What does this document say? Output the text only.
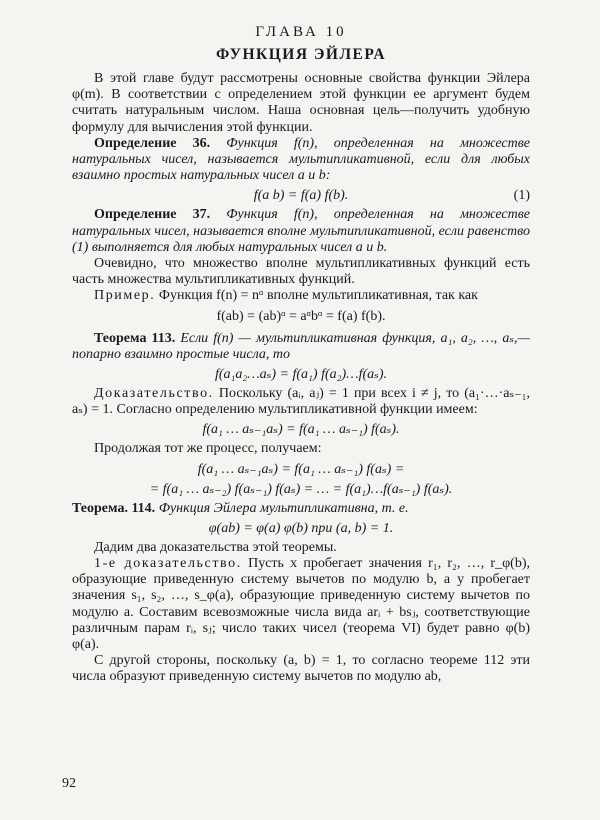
ГЛАВА 10

ФУНКЦИЯ ЭЙЛЕРА

В этой главе будут рассмотрены основные свойства функции Эйлера φ(m). В соответствии с определением этой функции ее аргумент будем считать натуральным числом. Наша основная цель—получить удобную формулу для вычисления этой функции.

Определение 36. Функция f(n), определенная на множестве натуральных чисел, называется мультипликативной, если для любых взаимно простых натуральных чисел a и b:

f(a b) = f(a) f(b).	(1)

Определение 37. Функция f(n), определенная на множестве натуральных чисел, называется вполне мультипликативной, если равенство (1) выполняется для любых натуральных чисел a и b.

Очевидно, что множество вполне мультипликативных функций есть часть множества мультипликативных функций.

Пример. Функция f(n) = nᵅ вполне мультипликативная, так как

f(ab) = (ab)ᵅ = aᵅbᵅ = f(a) f(b).

Теорема 113. Если f(n) — мультипликативная функция, a₁, a₂, …, aₛ,—попарно взаимно простые числа, то

f(a₁a₂…aₛ) = f(a₁) f(a₂)…f(aₛ).

Доказательство. Поскольку (aᵢ, aⱼ) = 1 при всех i ≠ j, то (a₁·…·aₛ₋₁, aₛ) = 1. Согласно определению мультипликативной функции имеем:

f(a₁ … aₛ₋₁aₛ) = f(a₁ … aₛ₋₁) f(aₛ).

Продолжая тот же процесс, получаем:

f(a₁ … aₛ₋₁aₛ) = f(a₁ … aₛ₋₁) f(aₛ) =
= f(a₁ … aₛ₋₂) f(aₛ₋₁) f(aₛ) = … = f(a₁)…f(aₛ₋₁) f(aₛ).

Теорема. 114. Функция Эйлера мультипликативна, т. е.

φ(ab) = φ(a) φ(b) при (a, b) = 1.

Дадим два доказательства этой теоремы.

1-е доказательство. Пусть x пробегает значения r₁, r₂, …, r_φ(b), образующие приведенную систему вычетов по модулю b, а y пробегает значения s₁, s₂, …, s_φ(a), образующие приведенную систему вычетов по модулю a. Составим всевозможные числа вида arᵢ + bsⱼ, соответствующие различным парам rᵢ, sⱼ; число таких чисел (теорема VI) будет равно φ(b) φ(a).

С другой стороны, поскольку (a, b) = 1, то согласно теореме 112 эти числа образуют приведенную систему вычетов по модулю ab,

92
